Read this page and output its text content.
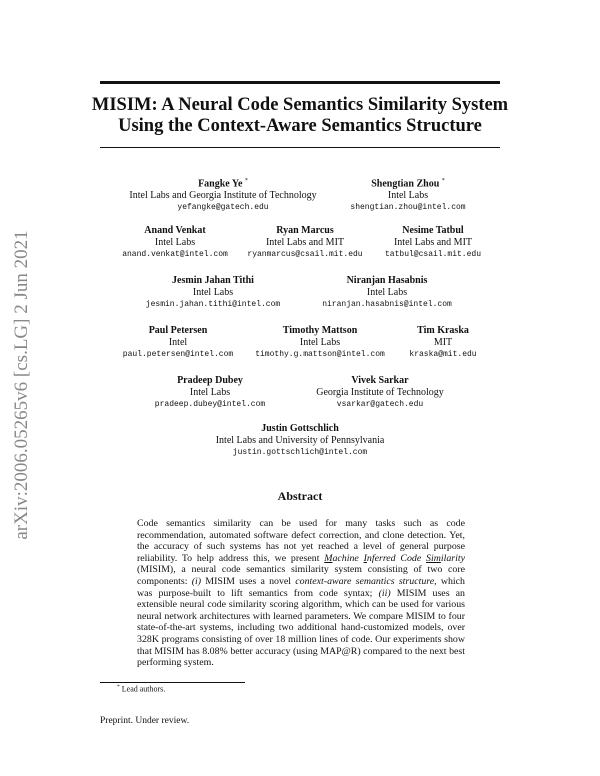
arXiv:2006.05265v6 [cs.LG] 2 Jun 2021
MISIM: A Neural Code Semantics Similarity System
Using the Context-Aware Semantics Structure
Fangke Ye *
Intel Labs and Georgia Institute of Technology
yefangke@gatech.edu
Shengtian Zhou *
Intel Labs
shengtian.zhou@intel.com
Anand Venkat
Intel Labs
anand.venkat@intel.com
Ryan Marcus
Intel Labs and MIT
ryanmarcus@csail.mit.edu
Nesime Tatbul
Intel Labs and MIT
tatbul@csail.mit.edu
Jesmin Jahan Tithi
Intel Labs
jesmin.jahan.tithi@intel.com
Niranjan Hasabnis
Intel Labs
niranjan.hasabnis@intel.com
Paul Petersen
Intel
paul.petersen@intel.com
Timothy Mattson
Intel Labs
timothy.g.mattson@intel.com
Tim Kraska
MIT
kraska@mit.edu
Pradeep Dubey
Intel Labs
pradeep.dubey@intel.com
Vivek Sarkar
Georgia Institute of Technology
vsarkar@gatech.edu
Justin Gottschlich
Intel Labs and University of Pennsylvania
justin.gottschlich@intel.com
Abstract
Code semantics similarity can be used for many tasks such as code recommendation, automated software defect correction, and clone detection. Yet, the accuracy of such systems has not yet reached a level of general purpose reliability. To help address this, we present Machine Inferred Code Similarity (MISIM), a neural code semantics similarity system consisting of two core components: (i) MISIM uses a novel context-aware semantics structure, which was purpose-built to lift semantics from code syntax; (ii) MISIM uses an extensible neural code similarity scoring algorithm, which can be used for various neural network architectures with learned parameters. We compare MISIM to four state-of-the-art systems, including two additional hand-customized models, over 328K programs consisting of over 18 million lines of code. Our experiments show that MISIM has 8.08% better accuracy (using MAP@R) compared to the next best performing system.
* Lead authors.
Preprint. Under review.
